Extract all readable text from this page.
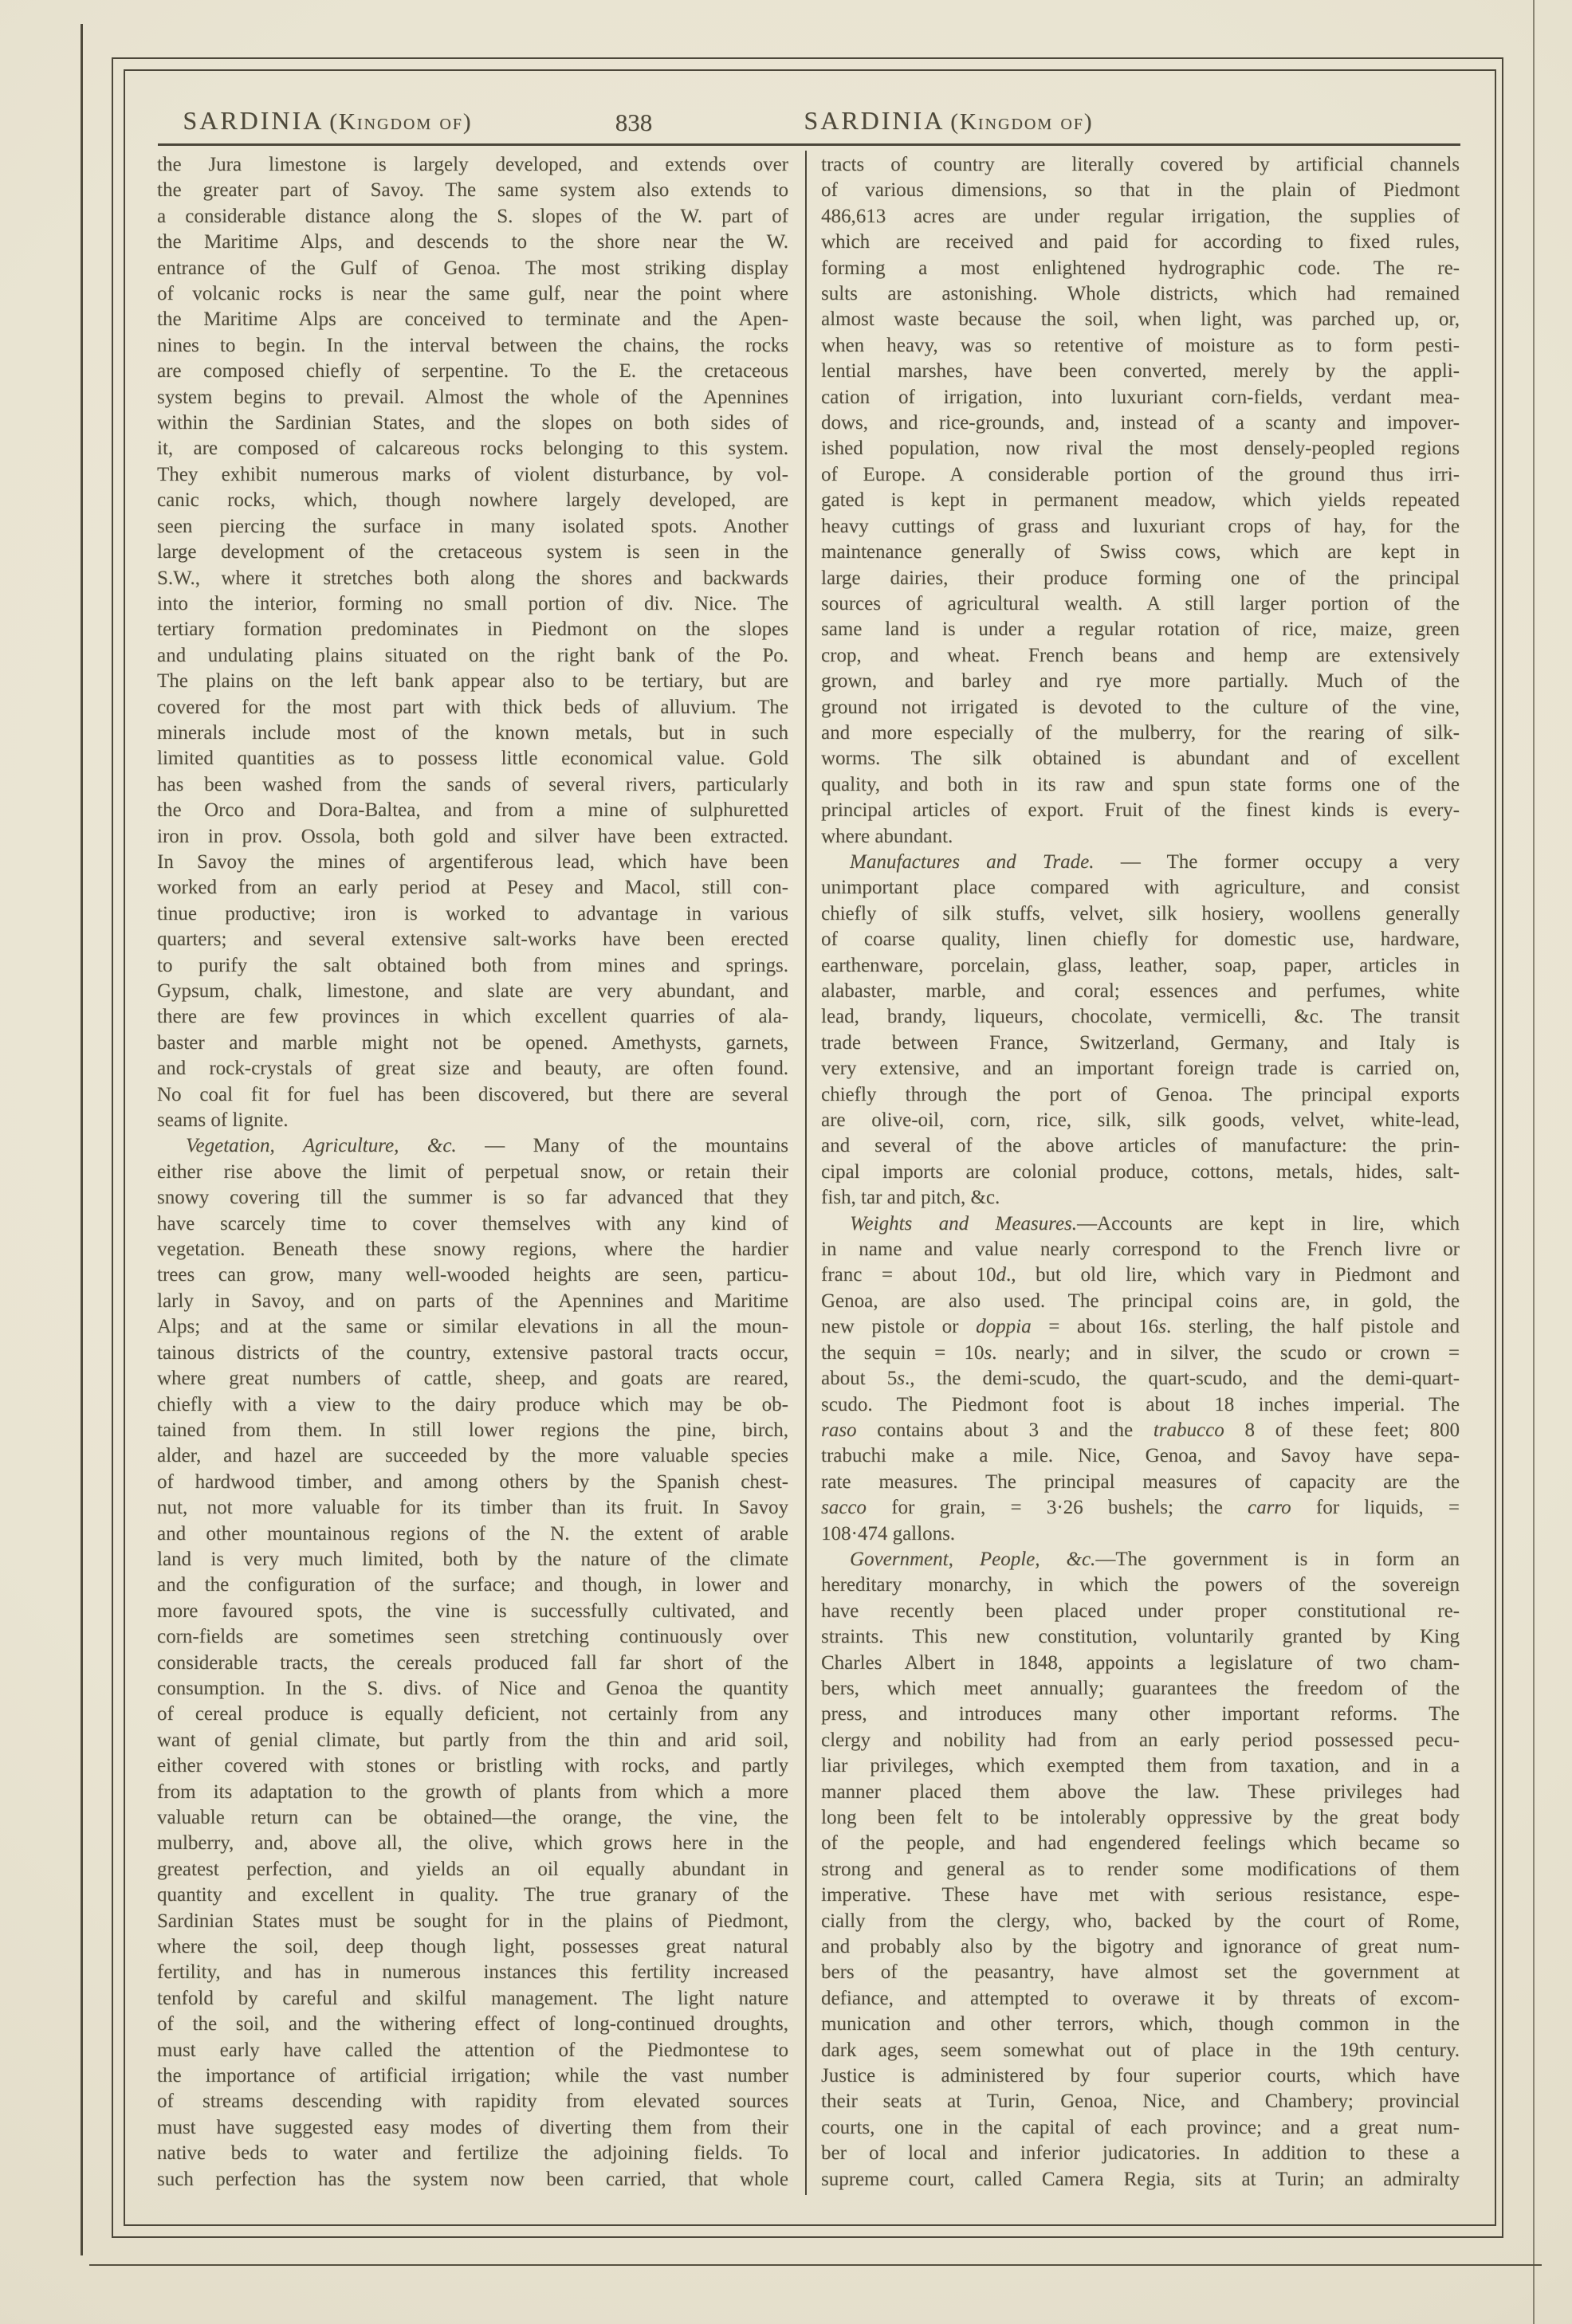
SARDINIA (Kingdom of)	838	SARDINIA (Kingdom of)
the Jura limestone is largely developed, and extends over
the greater part of Savoy. The same system also extends to
a considerable distance along the S. slopes of the W. part of
the Maritime Alps, and descends to the shore near the W.
entrance of the Gulf of Genoa. The most striking display
of volcanic rocks is near the same gulf, near the point where
the Maritime Alps are conceived to terminate and the Apen-
nines to begin. In the interval between the chains, the rocks
are composed chiefly of serpentine. To the E. the cretaceous
system begins to prevail. Almost the whole of the Apennines
within the Sardinian States, and the slopes on both sides of
it, are composed of calcareous rocks belonging to this system.
They exhibit numerous marks of violent disturbance, by vol-
canic rocks, which, though nowhere largely developed, are
seen piercing the surface in many isolated spots. Another
large development of the cretaceous system is seen in the
S.W., where it stretches both along the shores and backwards
into the interior, forming no small portion of div. Nice. The
tertiary formation predominates in Piedmont on the slopes
and undulating plains situated on the right bank of the Po.
The plains on the left bank appear also to be tertiary, but are
covered for the most part with thick beds of alluvium. The
minerals include most of the known metals, but in such
limited quantities as to possess little economical value. Gold
has been washed from the sands of several rivers, particularly
the Orco and Dora-Baltea, and from a mine of sulphuretted
iron in prov. Ossola, both gold and silver have been extracted.
In Savoy the mines of argentiferous lead, which have been
worked from an early period at Pesey and Macol, still con-
tinue productive; iron is worked to advantage in various
quarters; and several extensive salt-works have been erected
to purify the salt obtained both from mines and springs.
Gypsum, chalk, limestone, and slate are very abundant, and
there are few provinces in which excellent quarries of ala-
baster and marble might not be opened. Amethysts, garnets,
and rock-crystals of great size and beauty, are often found.
No coal fit for fuel has been discovered, but there are several
seams of lignite.
Vegetation, Agriculture, &c. — Many of the mountains
either rise above the limit of perpetual snow, or retain their
snowy covering till the summer is so far advanced that they
have scarcely time to cover themselves with any kind of
vegetation. Beneath these snowy regions, where the hardier
trees can grow, many well-wooded heights are seen, particu-
larly in Savoy, and on parts of the Apennines and Maritime
Alps; and at the same or similar elevations in all the moun-
tainous districts of the country, extensive pastoral tracts occur,
where great numbers of cattle, sheep, and goats are reared,
chiefly with a view to the dairy produce which may be ob-
tained from them. In still lower regions the pine, birch,
alder, and hazel are succeeded by the more valuable species
of hardwood timber, and among others by the Spanish chest-
nut, not more valuable for its timber than its fruit. In Savoy
and other mountainous regions of the N. the extent of arable
land is very much limited, both by the nature of the climate
and the configuration of the surface; and though, in lower and
more favoured spots, the vine is successfully cultivated, and
corn-fields are sometimes seen stretching continuously over
considerable tracts, the cereals produced fall far short of the
consumption. In the S. divs. of Nice and Genoa the quantity
of cereal produce is equally deficient, not certainly from any
want of genial climate, but partly from the thin and arid soil,
either covered with stones or bristling with rocks, and partly
from its adaptation to the growth of plants from which a more
valuable return can be obtained—the orange, the vine, the
mulberry, and, above all, the olive, which grows here in the
greatest perfection, and yields an oil equally abundant in
quantity and excellent in quality. The true granary of the
Sardinian States must be sought for in the plains of Piedmont,
where the soil, deep though light, possesses great natural
fertility, and has in numerous instances this fertility increased
tenfold by careful and skilful management. The light nature
of the soil, and the withering effect of long-continued droughts,
must early have called the attention of the Piedmontese to
the importance of artificial irrigation; while the vast number
of streams descending with rapidity from elevated sources
must have suggested easy modes of diverting them from their
native beds to water and fertilize the adjoining fields. To
such perfection has the system now been carried, that whole
tracts of country are literally covered by artificial channels
of various dimensions, so that in the plain of Piedmont
486,613 acres are under regular irrigation, the supplies of
which are received and paid for according to fixed rules,
forming a most enlightened hydrographic code. The re-
sults are astonishing. Whole districts, which had remained
almost waste because the soil, when light, was parched up, or,
when heavy, was so retentive of moisture as to form pesti-
lential marshes, have been converted, merely by the appli-
cation of irrigation, into luxuriant corn-fields, verdant mea-
dows, and rice-grounds, and, instead of a scanty and impover-
ished population, now rival the most densely-peopled regions
of Europe. A considerable portion of the ground thus irri-
gated is kept in permanent meadow, which yields repeated
heavy cuttings of grass and luxuriant crops of hay, for the
maintenance generally of Swiss cows, which are kept in
large dairies, their produce forming one of the principal
sources of agricultural wealth. A still larger portion of the
same land is under a regular rotation of rice, maize, green
crop, and wheat. French beans and hemp are extensively
grown, and barley and rye more partially. Much of the
ground not irrigated is devoted to the culture of the vine,
and more especially of the mulberry, for the rearing of silk-
worms. The silk obtained is abundant and of excellent
quality, and both in its raw and spun state forms one of the
principal articles of export. Fruit of the finest kinds is every-
where abundant.
Manufactures and Trade. — The former occupy a very
unimportant place compared with agriculture, and consist
chiefly of silk stuffs, velvet, silk hosiery, woollens generally
of coarse quality, linen chiefly for domestic use, hardware,
earthenware, porcelain, glass, leather, soap, paper, articles in
alabaster, marble, and coral; essences and perfumes, white
lead, brandy, liqueurs, chocolate, vermicelli, &c. The transit
trade between France, Switzerland, Germany, and Italy is
very extensive, and an important foreign trade is carried on,
chiefly through the port of Genoa. The principal exports
are olive-oil, corn, rice, silk, silk goods, velvet, white-lead,
and several of the above articles of manufacture: the prin-
cipal imports are colonial produce, cottons, metals, hides, salt-
fish, tar and pitch, &c.
Weights and Measures.—Accounts are kept in lire, which
in name and value nearly correspond to the French livre or
franc = about 10d., but old lire, which vary in Piedmont and
Genoa, are also used. The principal coins are, in gold, the
new pistole or doppia = about 16s. sterling, the half pistole and
the sequin = 10s. nearly; and in silver, the scudo or crown =
about 5s., the demi-scudo, the quart-scudo, and the demi-quart-
scudo. The Piedmont foot is about 18 inches imperial. The
raso contains about 3 and the trabucco 8 of these feet; 800
trabuchi make a mile. Nice, Genoa, and Savoy have sepa-
rate measures. The principal measures of capacity are the
sacco for grain, = 3·26 bushels; the carro for liquids, =
108·474 gallons.
Government, People, &c.—The government is in form an
hereditary monarchy, in which the powers of the sovereign
have recently been placed under proper constitutional re-
straints. This new constitution, voluntarily granted by King
Charles Albert in 1848, appoints a legislature of two cham-
bers, which meet annually; guarantees the freedom of the
press, and introduces many other important reforms. The
clergy and nobility had from an early period possessed pecu-
liar privileges, which exempted them from taxation, and in a
manner placed them above the law. These privileges had
long been felt to be intolerably oppressive by the great body
of the people, and had engendered feelings which became so
strong and general as to render some modifications of them
imperative. These have met with serious resistance, espe-
cially from the clergy, who, backed by the court of Rome,
and probably also by the bigotry and ignorance of great num-
bers of the peasantry, have almost set the government at
defiance, and attempted to overawe it by threats of excom-
munication and other terrors, which, though common in the
dark ages, seem somewhat out of place in the 19th century.
Justice is administered by four superior courts, which have
their seats at Turin, Genoa, Nice, and Chambery; provincial
courts, one in the capital of each province; and a great num-
ber of local and inferior judicatories. In addition to these a
supreme court, called Camera Regia, sits at Turin; an admiralty
